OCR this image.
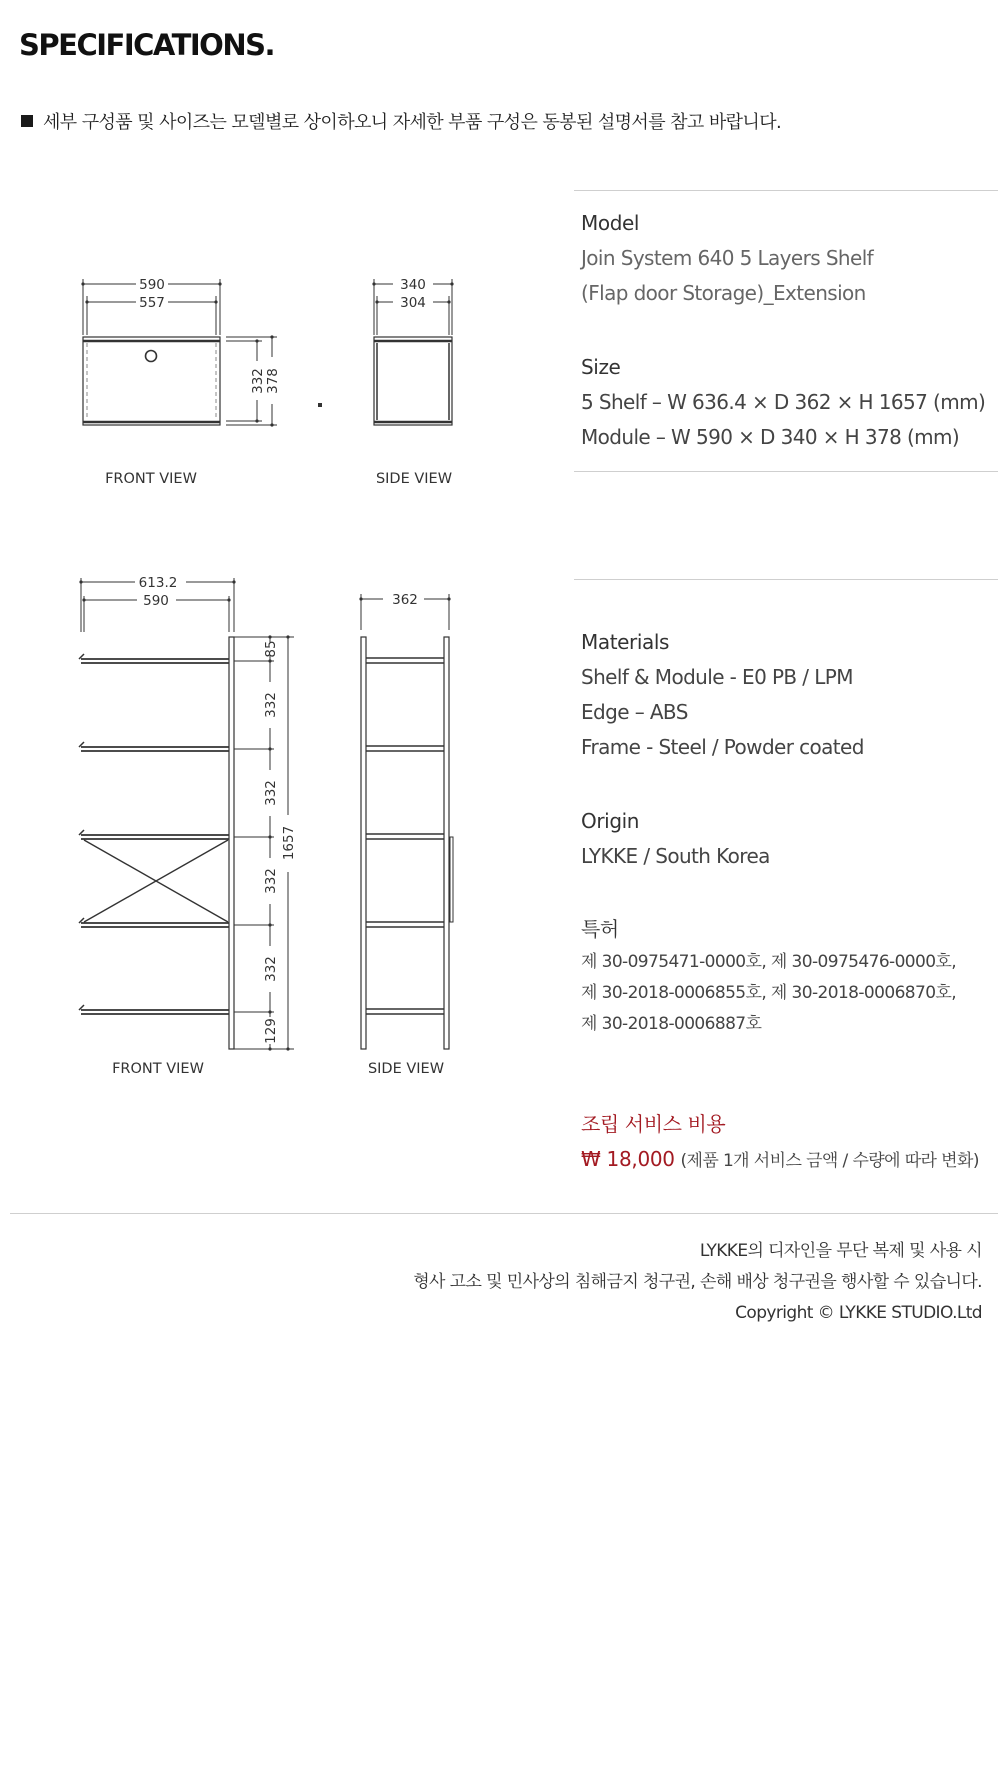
SPECIFICATIONS.
세부 구성품 및 사이즈는 모델별로 상이하오니 자세한 부품 구성은 동봉된 설명서를 참고 바랍니다.
590
557
340
304
332 378
FRONT VIEW	SIDE VIEW
613.2
590	362
85
332
332
332
332
129
1657
FRONT VIEW	SIDE VIEW
Model
Join System 640 5 Layers Shelf
(Flap door Storage)_Extension
Size
5 Shelf – W 636.4 × D 362 × H 1657 (mm)
Module – W 590 × D 340 × H 378 (mm)
Materials
Shelf & Module - E0 PB / LPM
Edge – ABS
Frame - Steel / Powder coated
Origin
LYKKE / South Korea
특허
제 30-0975471-0000호, 제 30-0975476-0000호,
제 30-2018-0006855호, 제 30-2018-0006870호,
제 30-2018-0006887호
조립 서비스 비용
₩ 18,000 (제품 1개 서비스 금액 / 수량에 따라 변화)
LYKKE의 디자인을 무단 복제 및 사용 시
형사 고소 및 민사상의 침해금지 청구권, 손해 배상 청구권을 행사할 수 있습니다.
Copyright © LYKKE STUDIO.Ltd
